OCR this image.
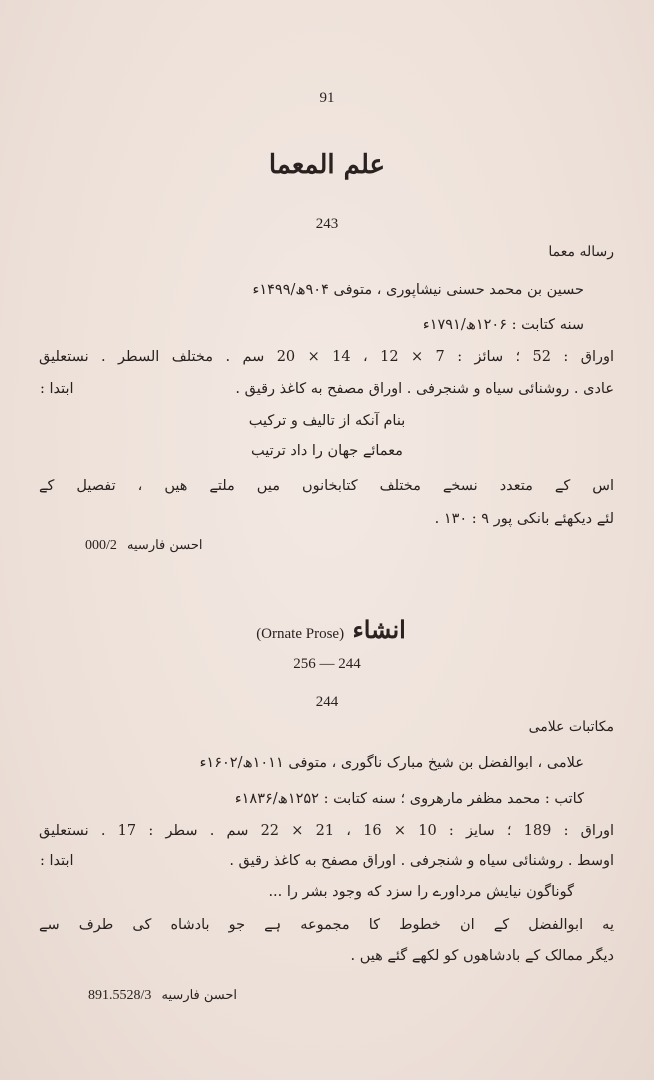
91
علم المعما
243
رساله معما
حسین بن محمد حسنی نیشاپوری ، متوفی ۹۰۴ھ/۱۴۹۹ء
سنه کتابت : ۱۲۰۶ھ/۱۷۹۱ء
اوراق : 52 ؛ سائز : 7 × 12 ، 14 × 20 سم . مختلف السطر . نستعلیق
عادی . روشنائی سیاه و شنجرفی . اوراق مصفح به کاغذ رقیق .
ابتدا :
بنام آنکه از تالیف و ترکیب
معمائے جهان را داد ترتیب
اس کے متعدد نسخے مختلف کتابخانوں میں ملتے هیں ، تفصیل کے
لئے دیکھئے بانکی پور ۹ : ۱۳۰ .
000/2 احسن فارسیه
(Ornate Prose) انشاء
256 — 244
244
مکاتبات علامی
علامی ، ابوالفضل بن شیخ مبارک ناگوری ، متوفی ۱۰۱۱ھ/۱۶۰۲ء
کاتب : محمد مظفر مارهروی ؛ سنه کتابت : ۱۲۵۲ھ/۱۸۳۶ء
اوراق : 189 ؛ سایز : 10 × 16 ، 21 × 22 سم . سطر : 17 . نستعلیق
اوسط . روشنائی سیاه و شنجرفی . اوراق مصفح به کاغذ رقیق .
ابتدا :
گوناگون نیایش مرداورے را سزد که وجود بشر را ...
یه ابوالفضل کے ان خطوط کا مجموعه ہے جو بادشاه کی طرف سے
دیگر ممالک کے بادشاهوں کو لکھے گئے هیں .
891.5528/3 احسن فارسیه
